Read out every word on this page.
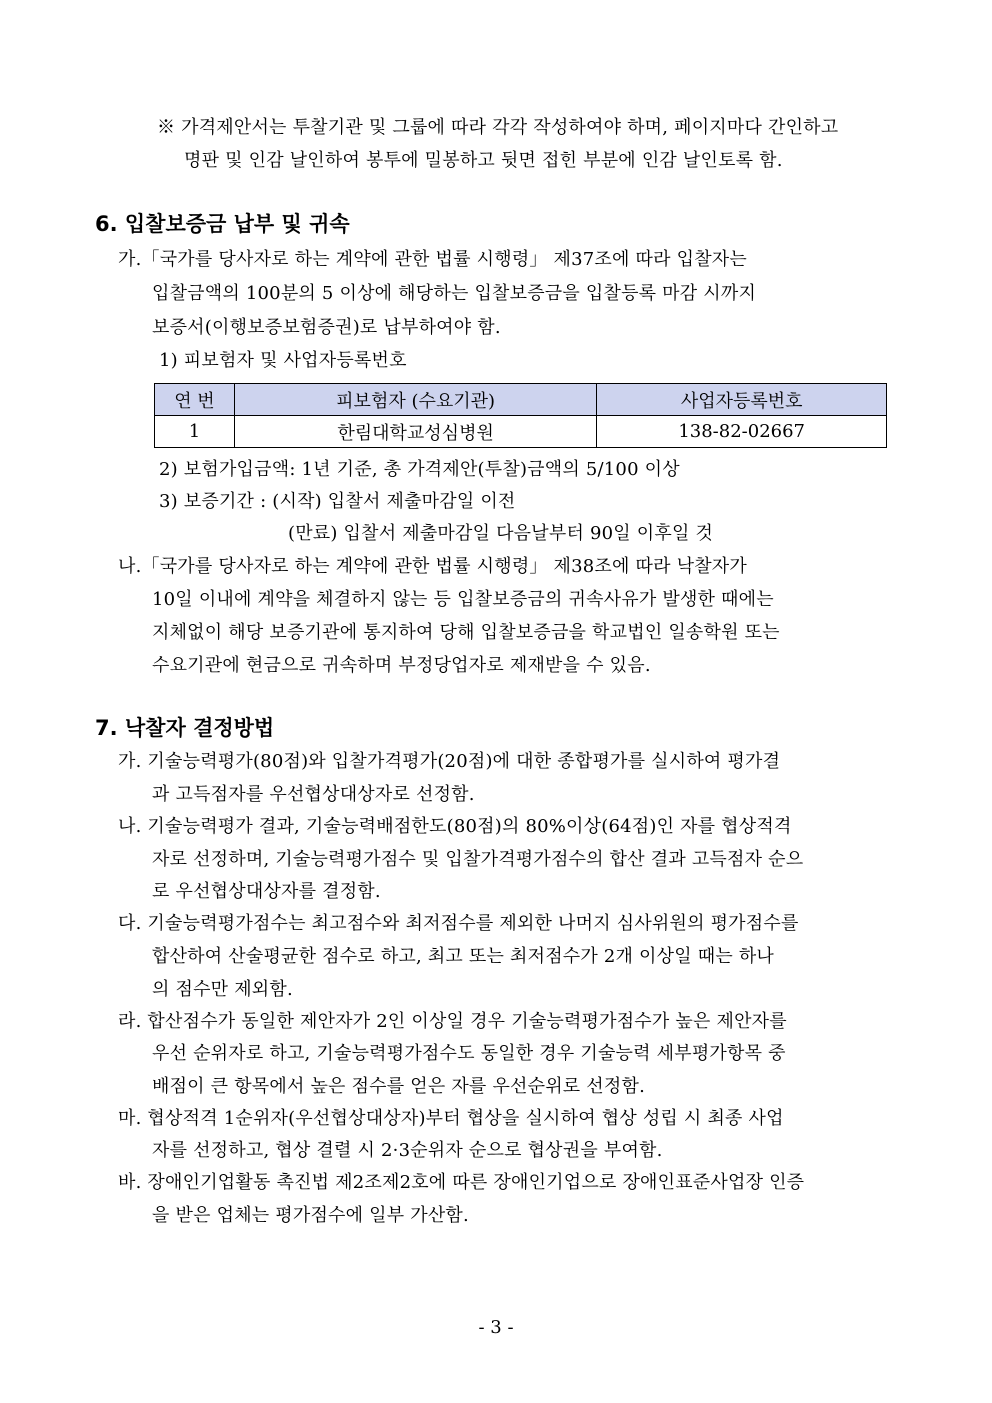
※ 가격제안서는 투찰기관 및 그룹에 따라 각각 작성하여야 하며, 페이지마다 간인하고
명판 및 인감 날인하여 봉투에 밀봉하고 뒷면 접힌 부분에 인감 날인토록 함.
6. 입찰보증금 납부 및 귀속
가.「국가를 당사자로 하는 계약에 관한 법률 시행령」 제37조에 따라 입찰자는
입찰금액의 100분의 5 이상에 해당하는 입찰보증금을 입찰등록 마감 시까지
보증서(이행보증보험증권)로 납부하여야 함.
1) 피보험자 및 사업자등록번호
연 번	피보험자 (수요기관)	사업자등록번호
1	한림대학교성심병원	138-82-02667
2) 보험가입금액: 1년 기준, 총 가격제안(투찰)금액의 5/100 이상
3) 보증기간 : (시작) 입찰서 제출마감일 이전
(만료) 입찰서 제출마감일 다음날부터 90일 이후일 것
나.「국가를 당사자로 하는 계약에 관한 법률 시행령」 제38조에 따라 낙찰자가
10일 이내에 계약을 체결하지 않는 등 입찰보증금의 귀속사유가 발생한 때에는
지체없이 해당 보증기관에 통지하여 당해 입찰보증금을 학교법인 일송학원 또는
수요기관에 현금으로 귀속하며 부정당업자로 제재받을 수 있음.
7. 낙찰자 결정방법
가. 기술능력평가(80점)와 입찰가격평가(20점)에 대한 종합평가를 실시하여 평가결
과 고득점자를 우선협상대상자로 선정함.
나. 기술능력평가 결과, 기술능력배점한도(80점)의 80%이상(64점)인 자를 협상적격
자로 선정하며, 기술능력평가점수 및 입찰가격평가점수의 합산 결과 고득점자 순으
로 우선협상대상자를 결정함.
다. 기술능력평가점수는 최고점수와 최저점수를 제외한 나머지 심사위원의 평가점수를
합산하여 산술평균한 점수로 하고, 최고 또는 최저점수가 2개 이상일 때는 하나
의 점수만 제외함.
라. 합산점수가 동일한 제안자가 2인 이상일 경우 기술능력평가점수가 높은 제안자를
우선 순위자로 하고, 기술능력평가점수도 동일한 경우 기술능력 세부평가항목 중
배점이 큰 항목에서 높은 점수를 얻은 자를 우선순위로 선정함.
마. 협상적격 1순위자(우선협상대상자)부터 협상을 실시하여 협상 성립 시 최종 사업
자를 선정하고, 협상 결렬 시 2·3순위자 순으로 협상권을 부여함.
바. 장애인기업활동 촉진법 제2조제2호에 따른 장애인기업으로 장애인표준사업장 인증
을 받은 업체는 평가점수에 일부 가산함.
- 3 -
